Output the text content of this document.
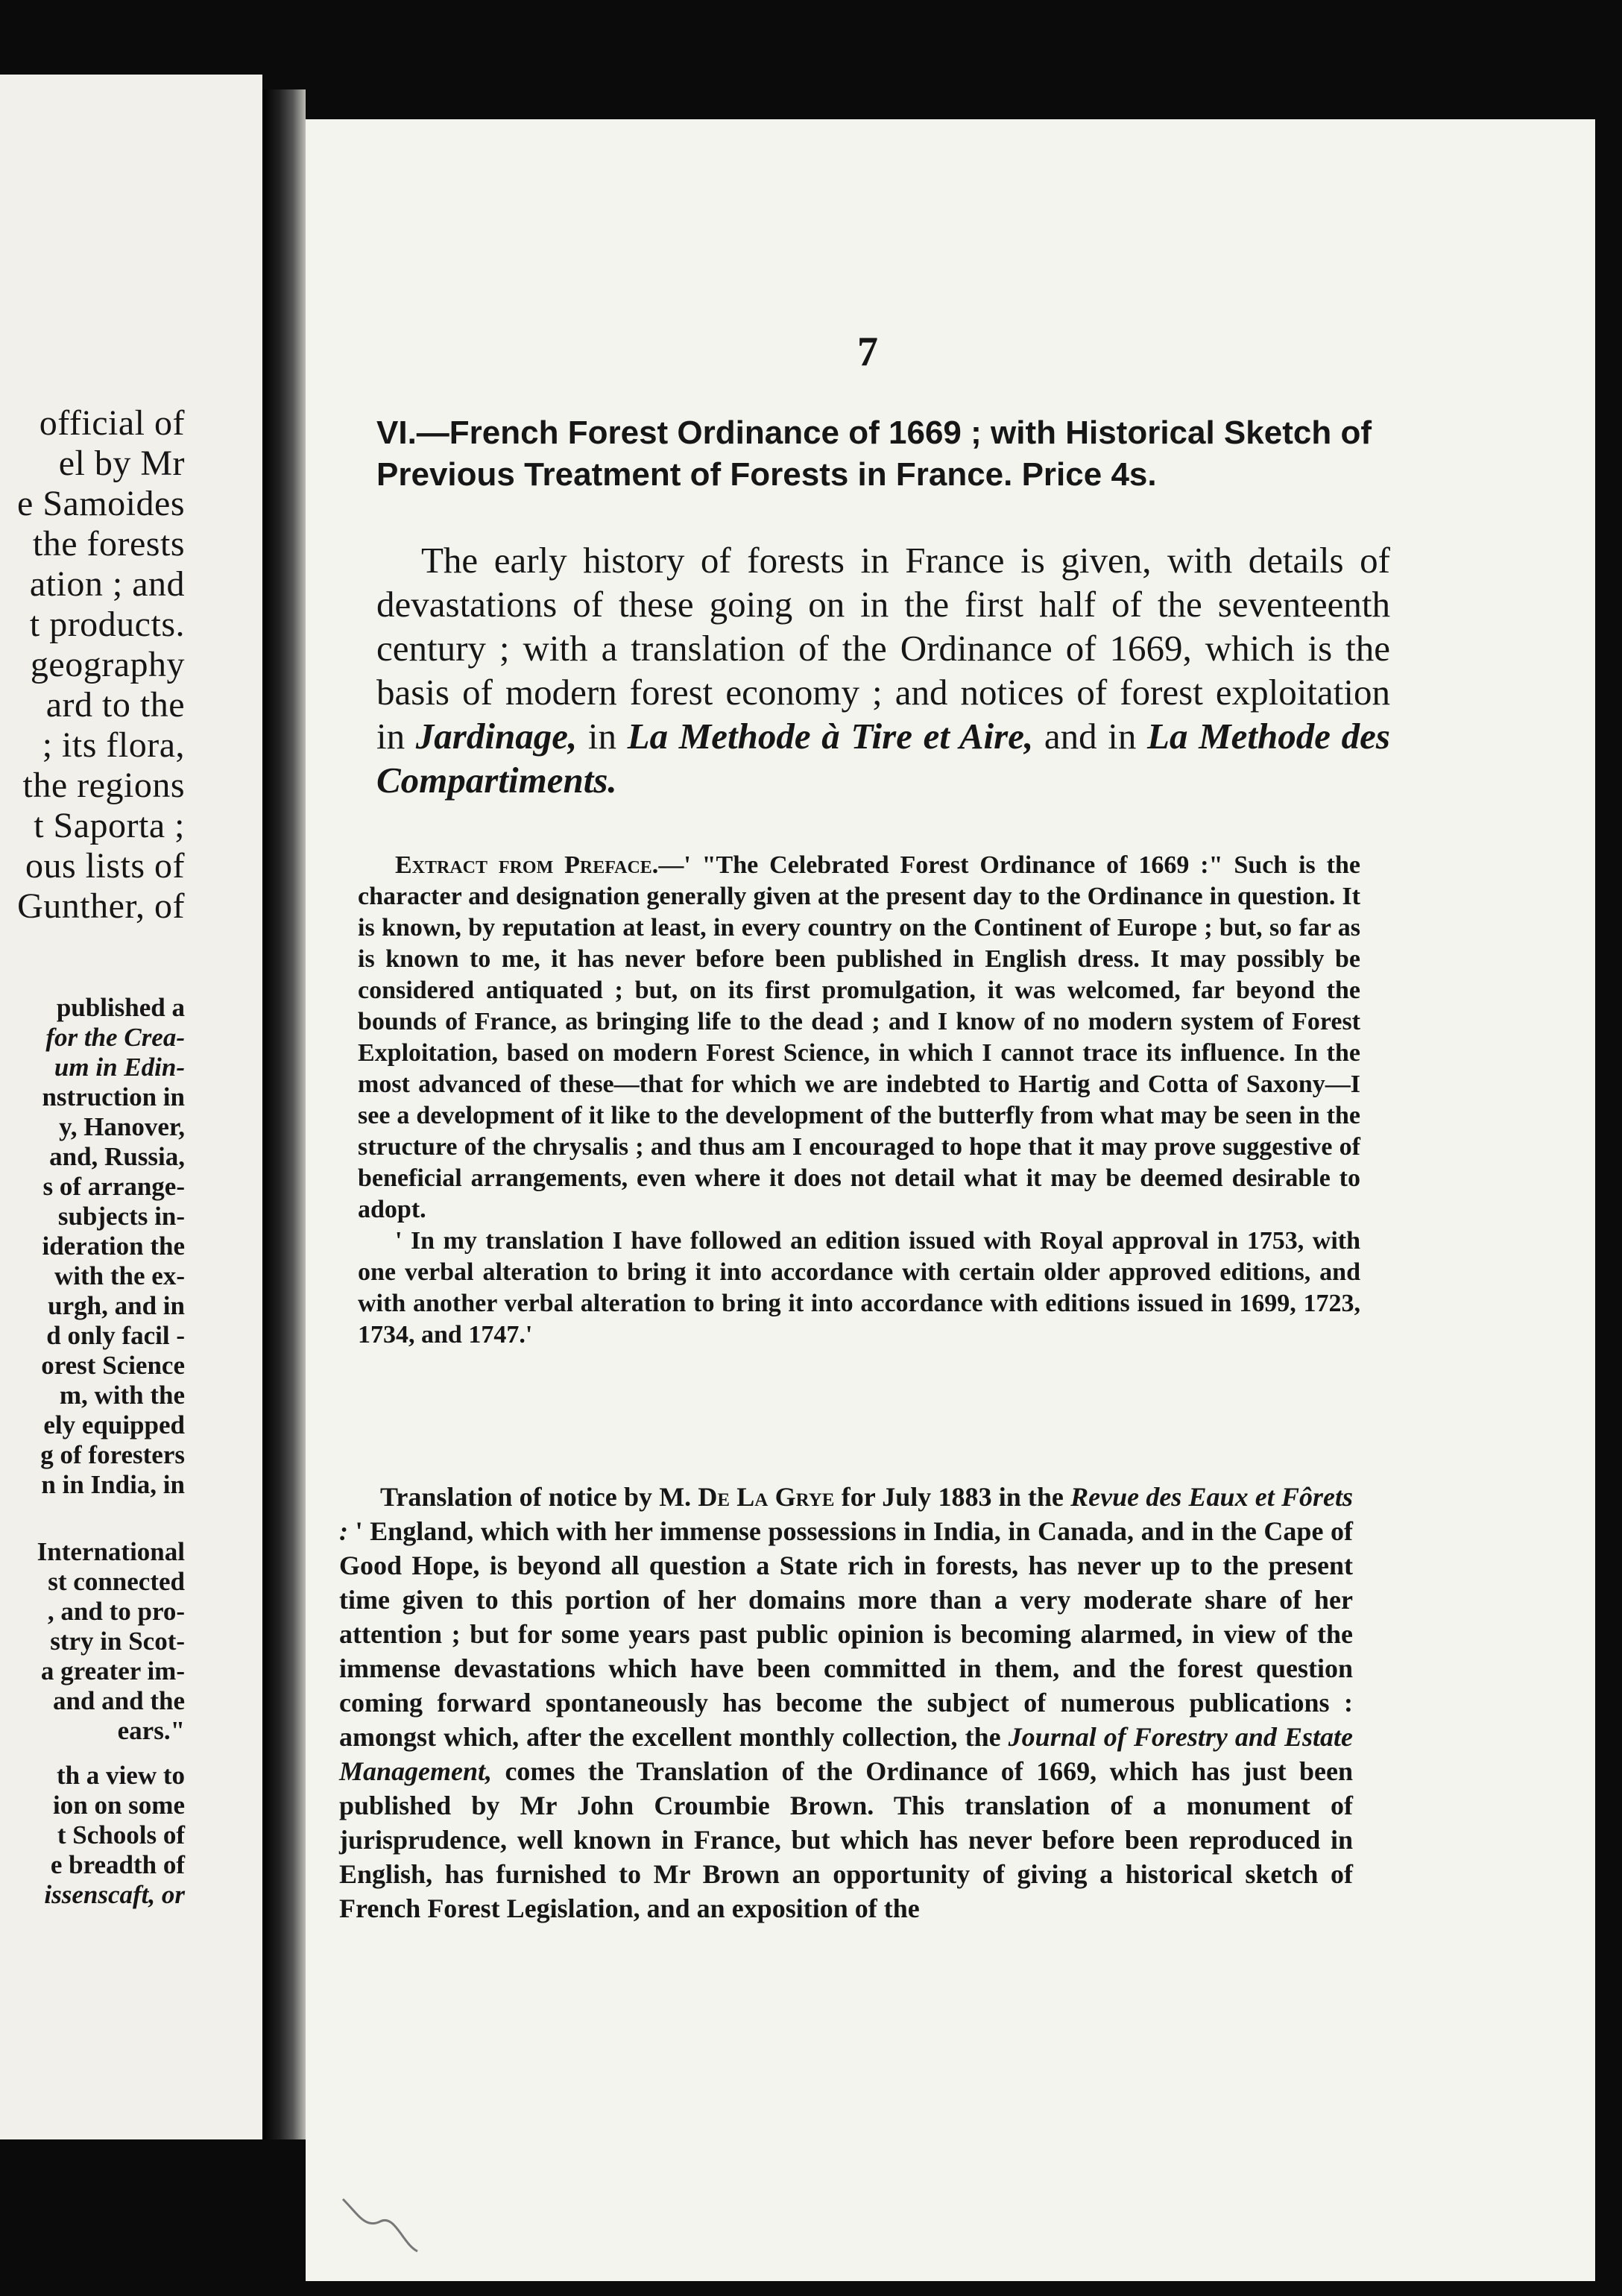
official of
el by Mr
e Samoides
the forests
ation ; and
t products.
geography
ard to the
; its flora,
the regions
t Saporta ;
ous lists of
Gunther, of
published a
for the Crea-
um in Edin-
nstruction in
y, Hanover,
and, Russia,
s of arrange-
subjects in-
ideration the
with the ex-
urgh, and in
d only facil -
orest Science
m, with the
ely equipped
g of foresters
n in India, in
International
st connected
, and to pro-
stry in Scot-
a greater im-
and and the
ears."
th a view to
ion on some
t Schools of
e breadth of
issenscaft, or
7
VI.—French Forest Ordinance of 1669 ; with Historical Sketch of Previous Treatment of Forests in France. Price 4s.

The early history of forests in France is given, with details of devastations of these going on in the first half of the seventeenth century ; with a translation of the Ordinance of 1669, which is the basis of modern forest economy ; and notices of forest exploitation in Jardinage, in La Methode à Tire et Aire, and in La Methode des Compartiments.

Extract from Preface.—' "The Celebrated Forest Ordinance of 1669 :" Such is the character and designation generally given at the present day to the Ordinance in question. It is known, by reputation at least, in every country on the Continent of Europe ; but, so far as is known to me, it has never before been published in English dress. It may possibly be considered antiquated ; but, on its first promulgation, it was welcomed, far beyond the bounds of France, as bringing life to the dead ; and I know of no modern system of Forest Exploitation, based on modern Forest Science, in which I cannot trace its influence. In the most advanced of these—that for which we are indebted to Hartig and Cotta of Saxony—I see a development of it like to the development of the butterfly from what may be seen in the structure of the chrysalis ; and thus am I encouraged to hope that it may prove suggestive of beneficial arrangements, even where it does not detail what it may be deemed desirable to adopt.

' In my translation I have followed an edition issued with Royal approval in 1753, with one verbal alteration to bring it into accordance with certain older approved editions, and with another verbal alteration to bring it into accordance with editions issued in 1699, 1723, 1734, and 1747.'

Translation of notice by M. De La Grye for July 1883 in the Revue des Eaux et Fôrets : ' England, which with her immense possessions in India, in Canada, and in the Cape of Good Hope, is beyond all question a State rich in forests, has never up to the present time given to this portion of her domains more than a very moderate share of her attention ; but for some years past public opinion is becoming alarmed, in view of the immense devastations which have been committed in them, and the forest question coming forward spontaneously has become the subject of numerous publications : amongst which, after the excellent monthly collection, the Journal of Forestry and Estate Management, comes the Translation of the Ordinance of 1669, which has just been published by Mr John Croumbie Brown. This translation of a monument of jurisprudence, well known in France, but which has never before been reproduced in English, has furnished to Mr Brown an opportunity of giving a historical sketch of French Forest Legislation, and an exposition of the
